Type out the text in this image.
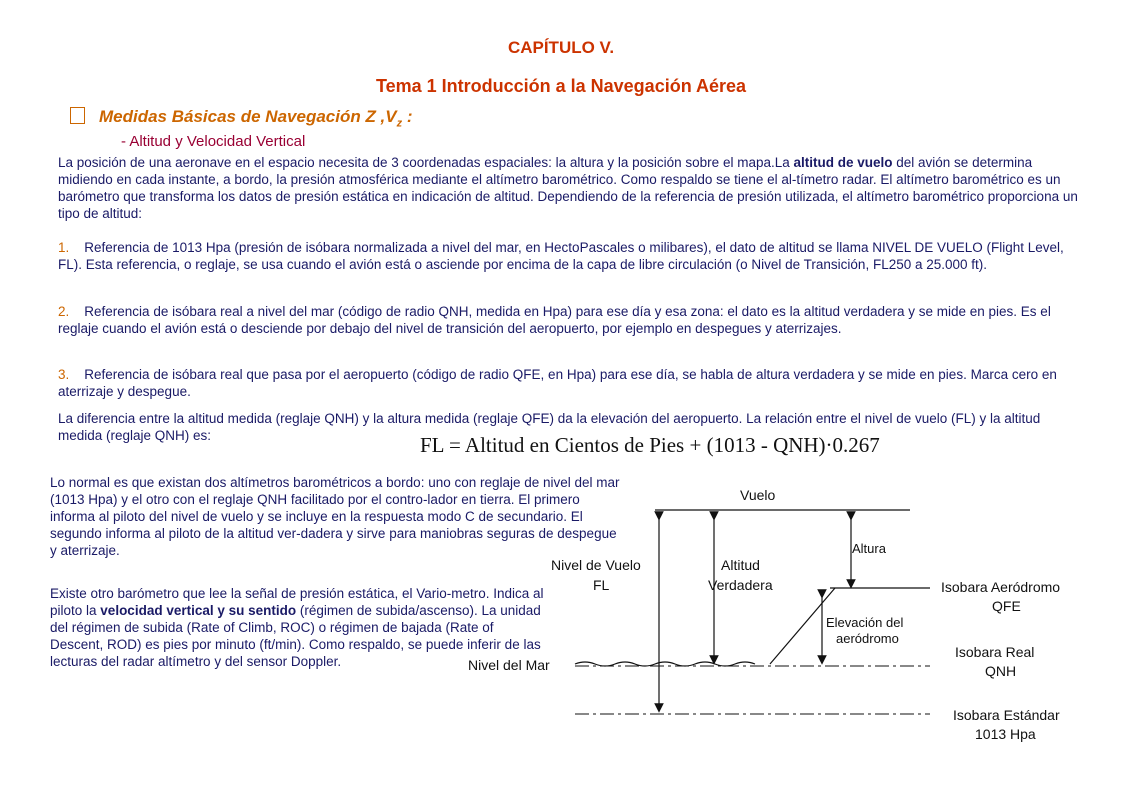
CAPÍTULO V.
Tema 1 Introducción a la Navegación Aérea
Medidas Básicas de Navegación Z $,V_z$ :
- Altitud y Velocidad Vertical
La posición de una aeronave en el espacio necesita de 3 coordenadas espaciales: la altura y la posición sobre el mapa.La altitud de vuelo del avión se determina midiendo en cada instante, a bordo, la presión atmosférica mediante el altímetro barométrico. Como respaldo se tiene el al-tímetro radar. El altímetro barométrico es un barómetro que transforma los datos de presión estática en indicación de altitud. Dependiendo de la referencia de presión utilizada, el altímetro barométrico proporciona un tipo de altitud:
1. Referencia de 1013 Hpa (presión de isóbara normalizada a nivel del mar, en HectoPascales o milibares), el dato de altitud se llama NIVEL DE VUELO (Flight Level, FL). Esta referencia, o reglaje, se usa cuando el avión está o asciende por encima de la capa de libre circulación (o Nivel de Transición, FL250 a 25.000 ft).
2. Referencia de isóbara real a nivel del mar (código de radio QNH, medida en Hpa) para ese día y esa zona: el dato es la altitud verdadera y se mide en pies. Es el reglaje cuando el avión está o desciende por debajo del nivel de transición del aeropuerto, por ejemplo en despegues y aterrizajes.
3. Referencia de isóbara real que pasa por el aeropuerto (código de radio QFE, en Hpa) para ese día, se habla de altura verdadera y se mide en pies. Marca cero en aterrizaje y despegue.
La diferencia entre la altitud medida (reglaje QNH) y la altura medida (reglaje QFE) da la elevación del aeropuerto. La relación entre el nivel de vuelo (FL) y la altitud medida (reglaje QNH) es:	FL = Altitud en Cientos de Pies + (1013 - QNH)·0.267
Lo normal es que existan dos altímetros barométricos a bordo: uno con reglaje de nivel del mar (1013 Hpa) y el otro con el reglaje QNH facilitado por el contro-lador en tierra. El primero informa al piloto del nivel de vuelo y se incluye en la respuesta modo C de secundario. El segundo informa al piloto de la altitud ver-dadera y sirve para maniobras seguras de despegue y aterrizaje.
Existe otro barómetro que lee la señal de presión estática, el Vario-metro. Indica al piloto la velocidad vertical y su sentido (régimen de subida/ascenso). La unidad del régimen de subida (Rate of Climb, ROC) o régimen de bajada (Rate of Descent, ROD) es pies por minuto (ft/min). Como respaldo, se puede inferir de las lecturas del radar altímetro y del sensor Doppler.
Vuelo
Altura
Nivel de Vuelo
FL
Altitud
Verdadera
Elevación del
aeródromo
Isobara Aeródromo
QFE
Nivel del Mar
Isobara Real
QNH
Isobara Estándar
1013 Hpa
